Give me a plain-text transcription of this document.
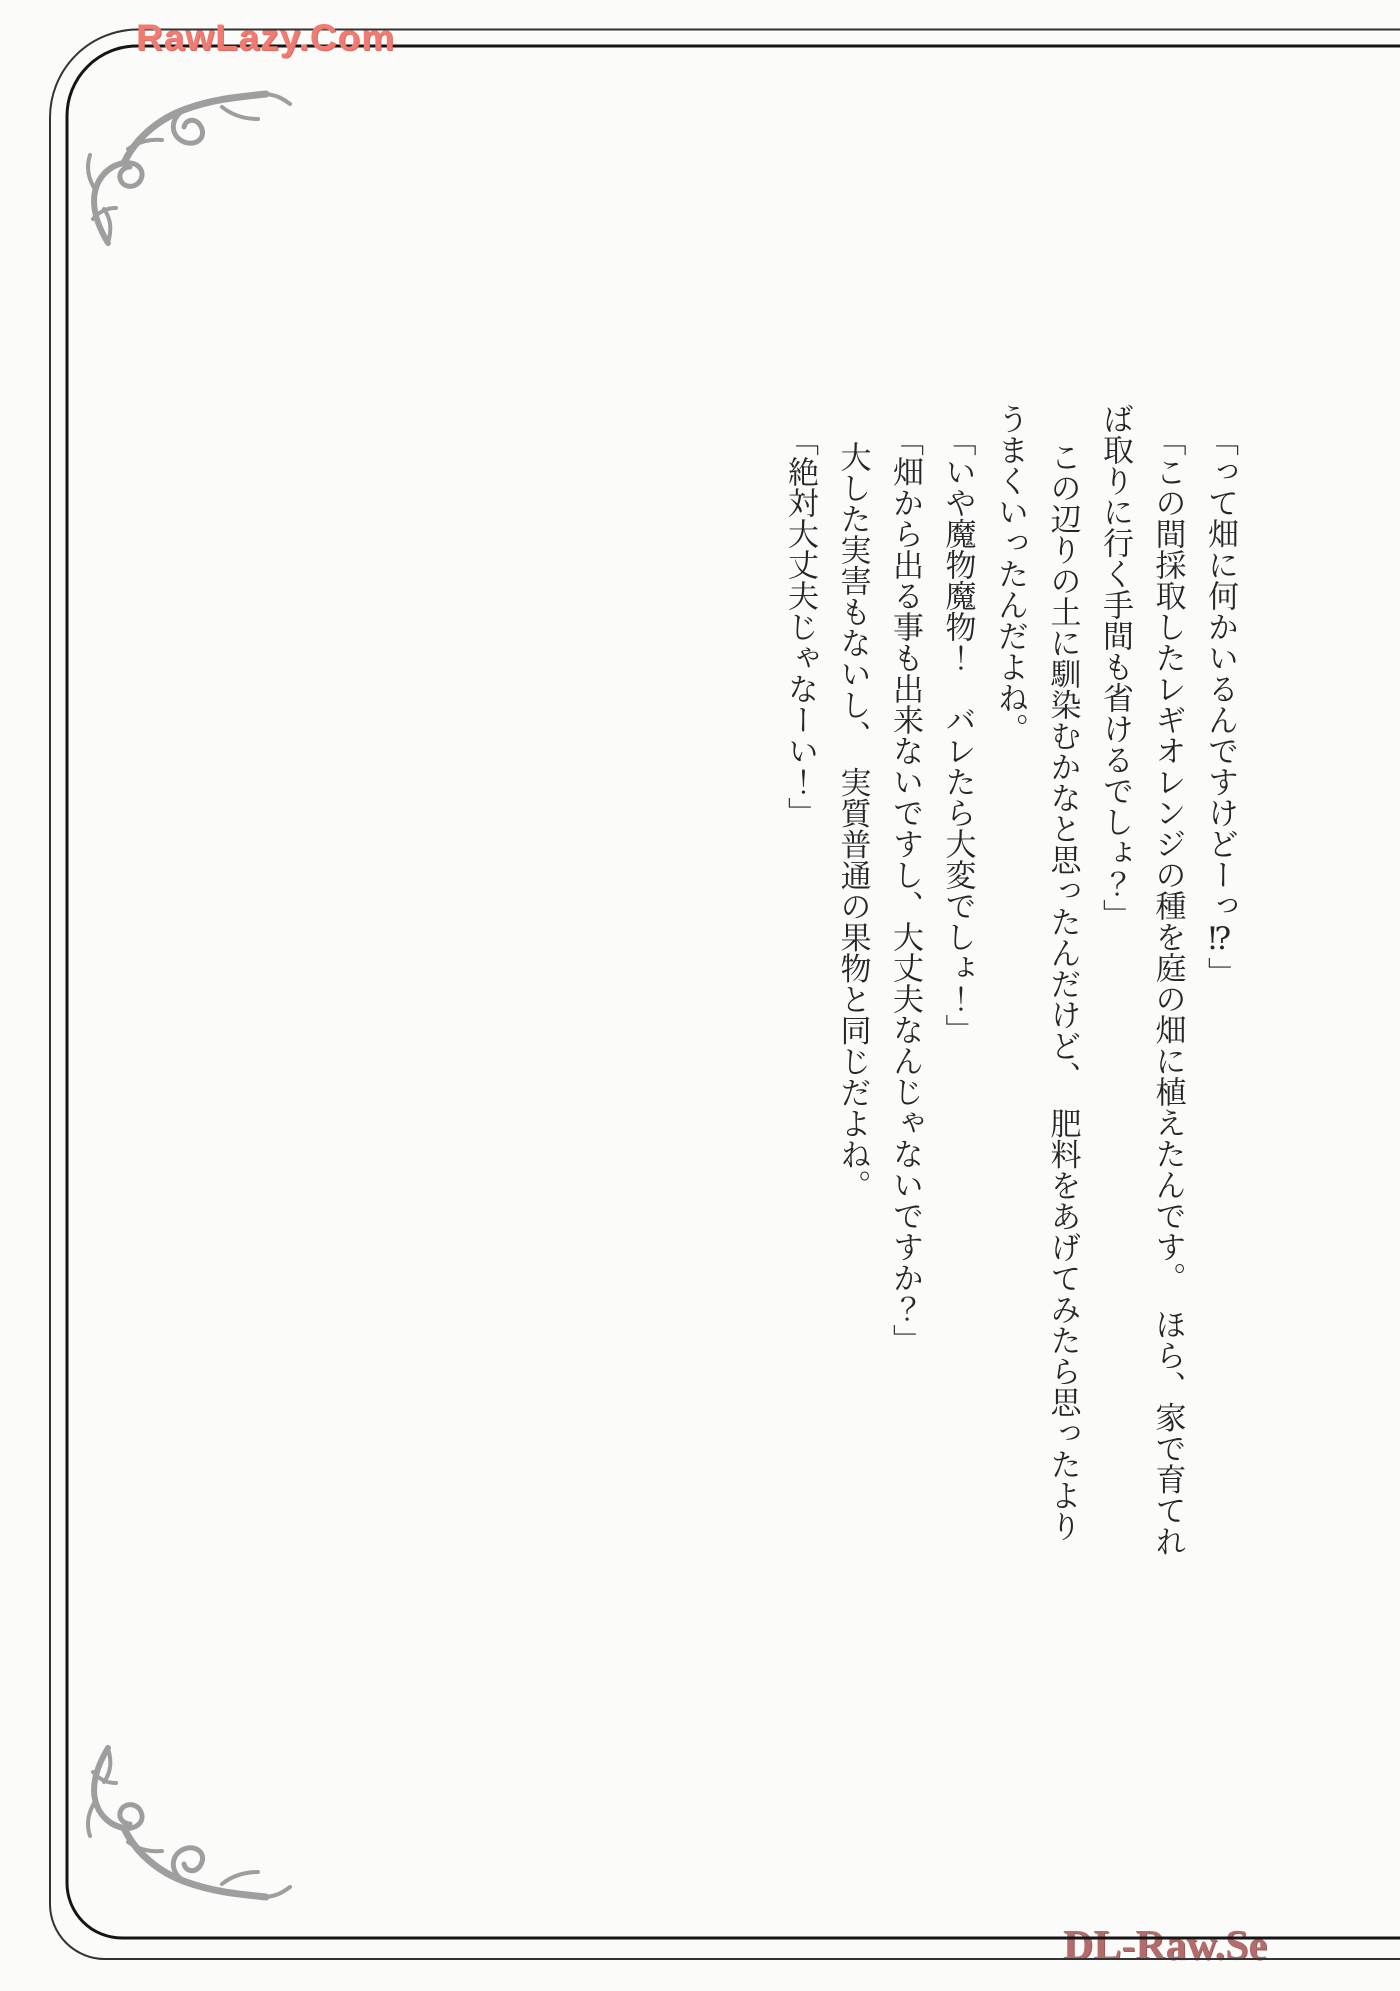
DL-Raw.Se
RawLazy.Com

「って畑に何かいるんですけどーっ⁉」

「この間採取したレギオレンジの種を庭の畑に植えたんです。　ほら、家で育てれ

ば取りに行く手間も省けるでしょ？」

この辺りの土に馴染むかなと思ったんだけど、　肥料をあげてみたら思ったより

うまくいったんだよね。

「いや魔物魔物！　バレたら大変でしょ！」

「畑から出る事も出来ないですし、大丈夫なんじゃないですか？」

大した実害もないし、　実質普通の果物と同じだよね。

「絶対大丈夫じゃなーい！」
